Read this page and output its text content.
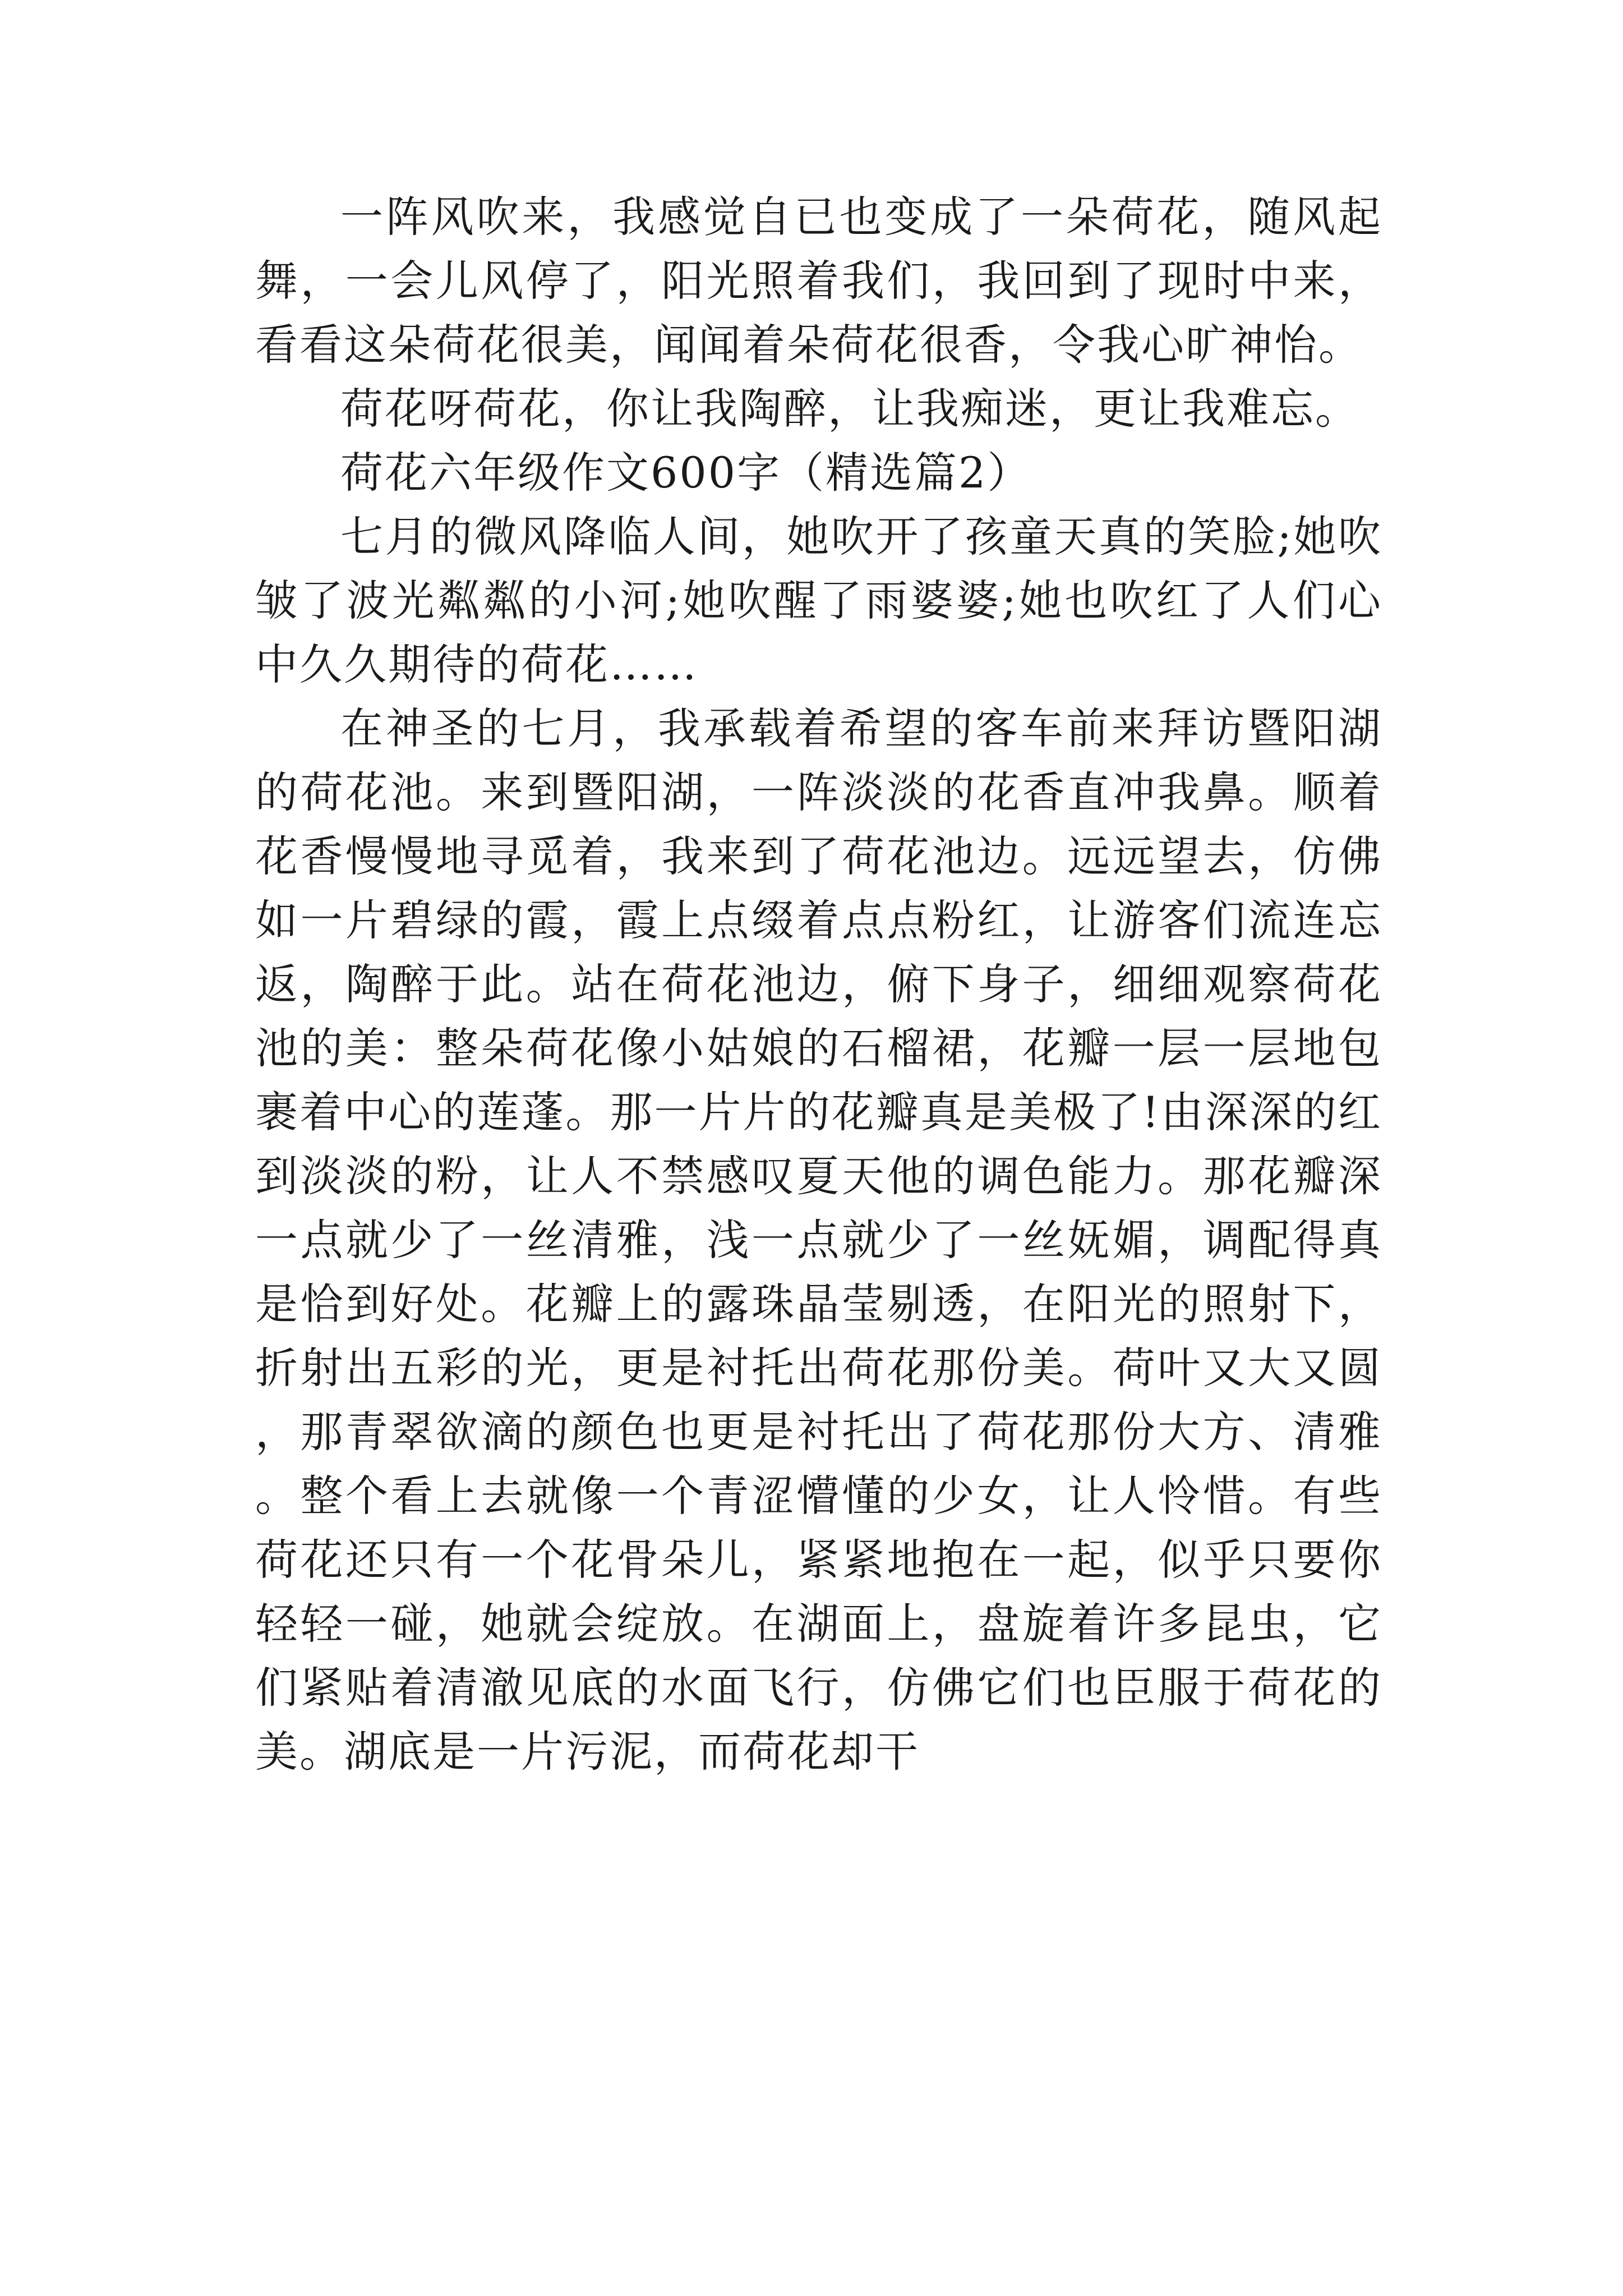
一阵风吹来，我感觉自已也变成了一朵荷花，随风起舞，一会儿风停了，阳光照着我们，我回到了现时中来，看看这朵荷花很美，闻闻着朵荷花很香，令我心旷神怡。

荷花呀荷花，你让我陶醉，让我痴迷，更让我难忘。

荷花六年级作文600字（精选篇2）

七月的微风降临人间，她吹开了孩童天真的笑脸;她吹皱了波光粼粼的小河;她吹醒了雨婆婆;她也吹红了人们心中久久期待的荷花……

在神圣的七月，我承载着希望的客车前来拜访暨阳湖的荷花池。来到暨阳湖，一阵淡淡的花香直冲我鼻。顺着花香慢慢地寻觅着，我来到了荷花池边。远远望去，仿佛如一片碧绿的霞，霞上点缀着点点粉红，让游客们流连忘返，陶醉于此。站在荷花池边，俯下身子，细细观察荷花池的美：整朵荷花像小姑娘的石榴裙，花瓣一层一层地包裹着中心的莲蓬。那一片片的花瓣真是美极了!由深深的红到淡淡的粉，让人不禁感叹夏天他的调色能力。那花瓣深一点就少了一丝清雅，浅一点就少了一丝妩媚，调配得真是恰到好处。花瓣上的露珠晶莹剔透，在阳光的照射下，折射出五彩的光，更是衬托出荷花那份美。荷叶又大又圆，那青翠欲滴的颜色也更是衬托出了荷花那份大方、清雅。整个看上去就像一个青涩懵懂的少女，让人怜惜。有些荷花还只有一个花骨朵儿，紧紧地抱在一起，似乎只要你轻轻一碰，她就会绽放。在湖面上，盘旋着许多昆虫，它们紧贴着清澈见底的水面飞行，仿佛它们也臣服于荷花的美。湖底是一片污泥，而荷花却干
